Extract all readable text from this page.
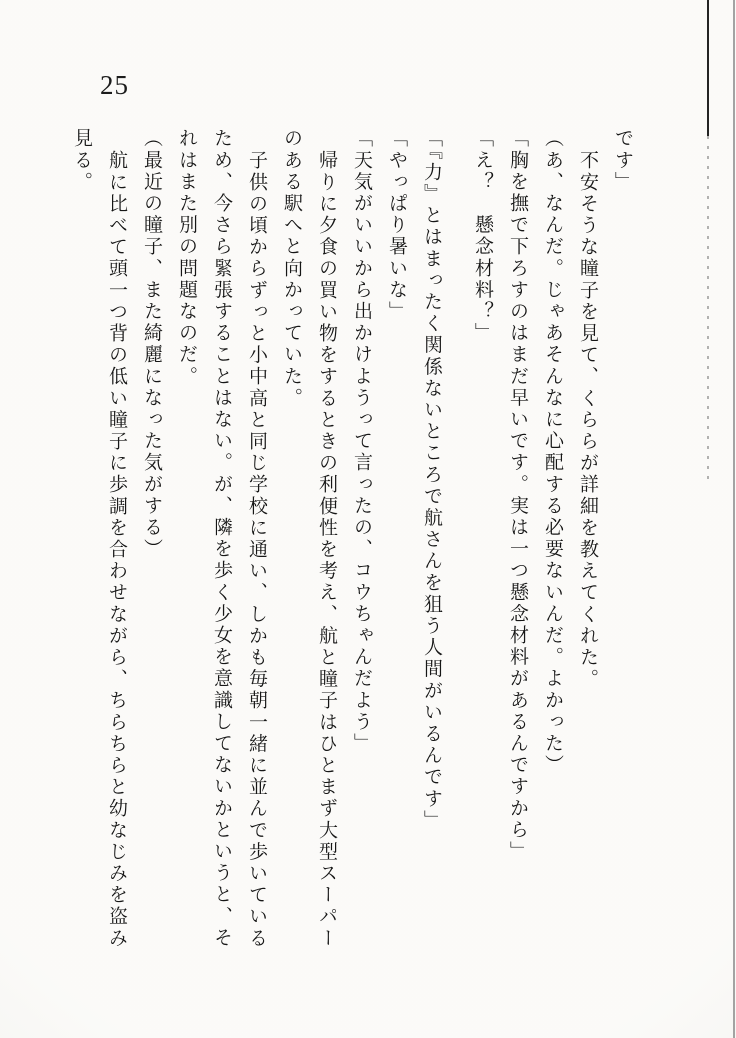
25
です」
不安そうな瞳子を見て、くららが詳細を教えてくれた。
（あ、なんだ。じゃあそんなに心配する必要ないんだ。よかった）
「胸を撫で下ろすのはまだ早いです。実は一つ懸念材料があるんですから」
「え？　懸念材料？」
「『力』とはまったく関係ないところで航さんを狙う人間がいるんです」
「やっぱり暑いな」
「天気がいいから出かけようって言ったの、コウちゃんだよう」
帰りに夕食の買い物をするときの利便性を考え、航と瞳子はひとまず大型スーパー
のある駅へと向かっていた。
子供の頃からずっと小中高と同じ学校に通い、しかも毎朝一緒に並んで歩いている
ため、今さら緊張することはない。が、隣を歩く少女を意識してないかというと、そ
れはまた別の問題なのだ。
（最近の瞳子、また綺麗になった気がする）
航に比べて頭一つ背の低い瞳子に歩調を合わせながら、ちらちらと幼なじみを盗み
見る。
